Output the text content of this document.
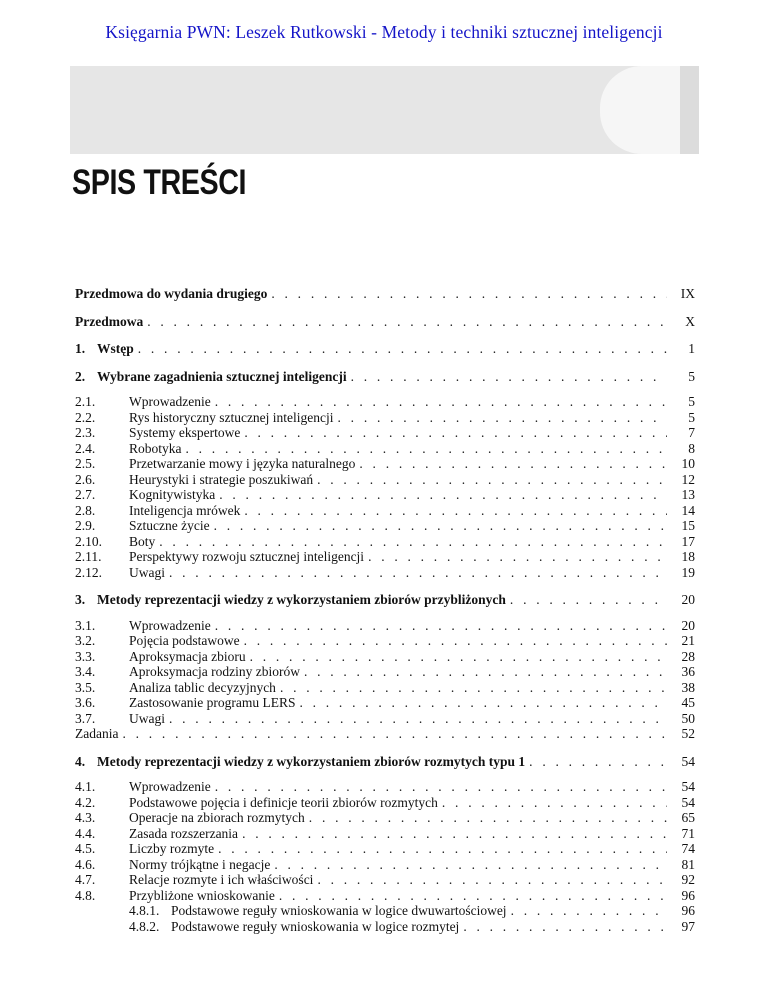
Księgarnia PWN: Leszek Rutkowski - Metody i techniki sztucznej inteligencji
SPIS TREŚCI
Przedmowa do wydania drugiego . . .	IX
Przedmowa . . .	X
1. Wstęp . . .	1
2. Wybrane zagadnienia sztucznej inteligencji . . .	5
2.1.	Wprowadzenie . . .	5
2.2.	Rys historyczny sztucznej inteligencji . . .	5
2.3.	Systemy ekspertowe . . .	7
2.4.	Robotyka . . .	8
2.5.	Przetwarzanie mowy i języka naturalnego . . .	10
2.6.	Heurystyki i strategie poszukiwań . . .	12
2.7.	Kognitywistyka . . .	13
2.8.	Inteligencja mrówek . . .	14
2.9.	Sztuczne życie . . .	15
2.10.	Boty . . .	17
2.11.	Perspektywy rozwoju sztucznej inteligencji . . .	18
2.12.	Uwagi . . .	19
3. Metody reprezentacji wiedzy z wykorzystaniem zbiorów przybliżonych . . .	20
3.1.	Wprowadzenie . . .	20
3.2.	Pojęcia podstawowe . . .	21
3.3.	Aproksymacja zbioru . . .	28
3.4.	Aproksymacja rodziny zbiorów . . .	36
3.5.	Analiza tablic decyzyjnych . . .	38
3.6.	Zastosowanie programu LERS . . .	45
3.7.	Uwagi . . .	50
Zadania . . .	52
4. Metody reprezentacji wiedzy z wykorzystaniem zbiorów rozmytych typu 1 . . .	54
4.1.	Wprowadzenie . . .	54
4.2.	Podstawowe pojęcia i definicje teorii zbiorów rozmytych . . .	54
4.3.	Operacje na zbiorach rozmytych . . .	65
4.4.	Zasada rozszerzania . . .	71
4.5.	Liczby rozmyte . . .	74
4.6.	Normy trójkątne i negacje . . .	81
4.7.	Relacje rozmyte i ich właściwości . . .	92
4.8.	Przybliżone wnioskowanie . . .	96
4.8.1. Podstawowe reguły wnioskowania w logice dwuwartościowej . . .	96
4.8.2. Podstawowe reguły wnioskowania w logice rozmytej . . .	97
